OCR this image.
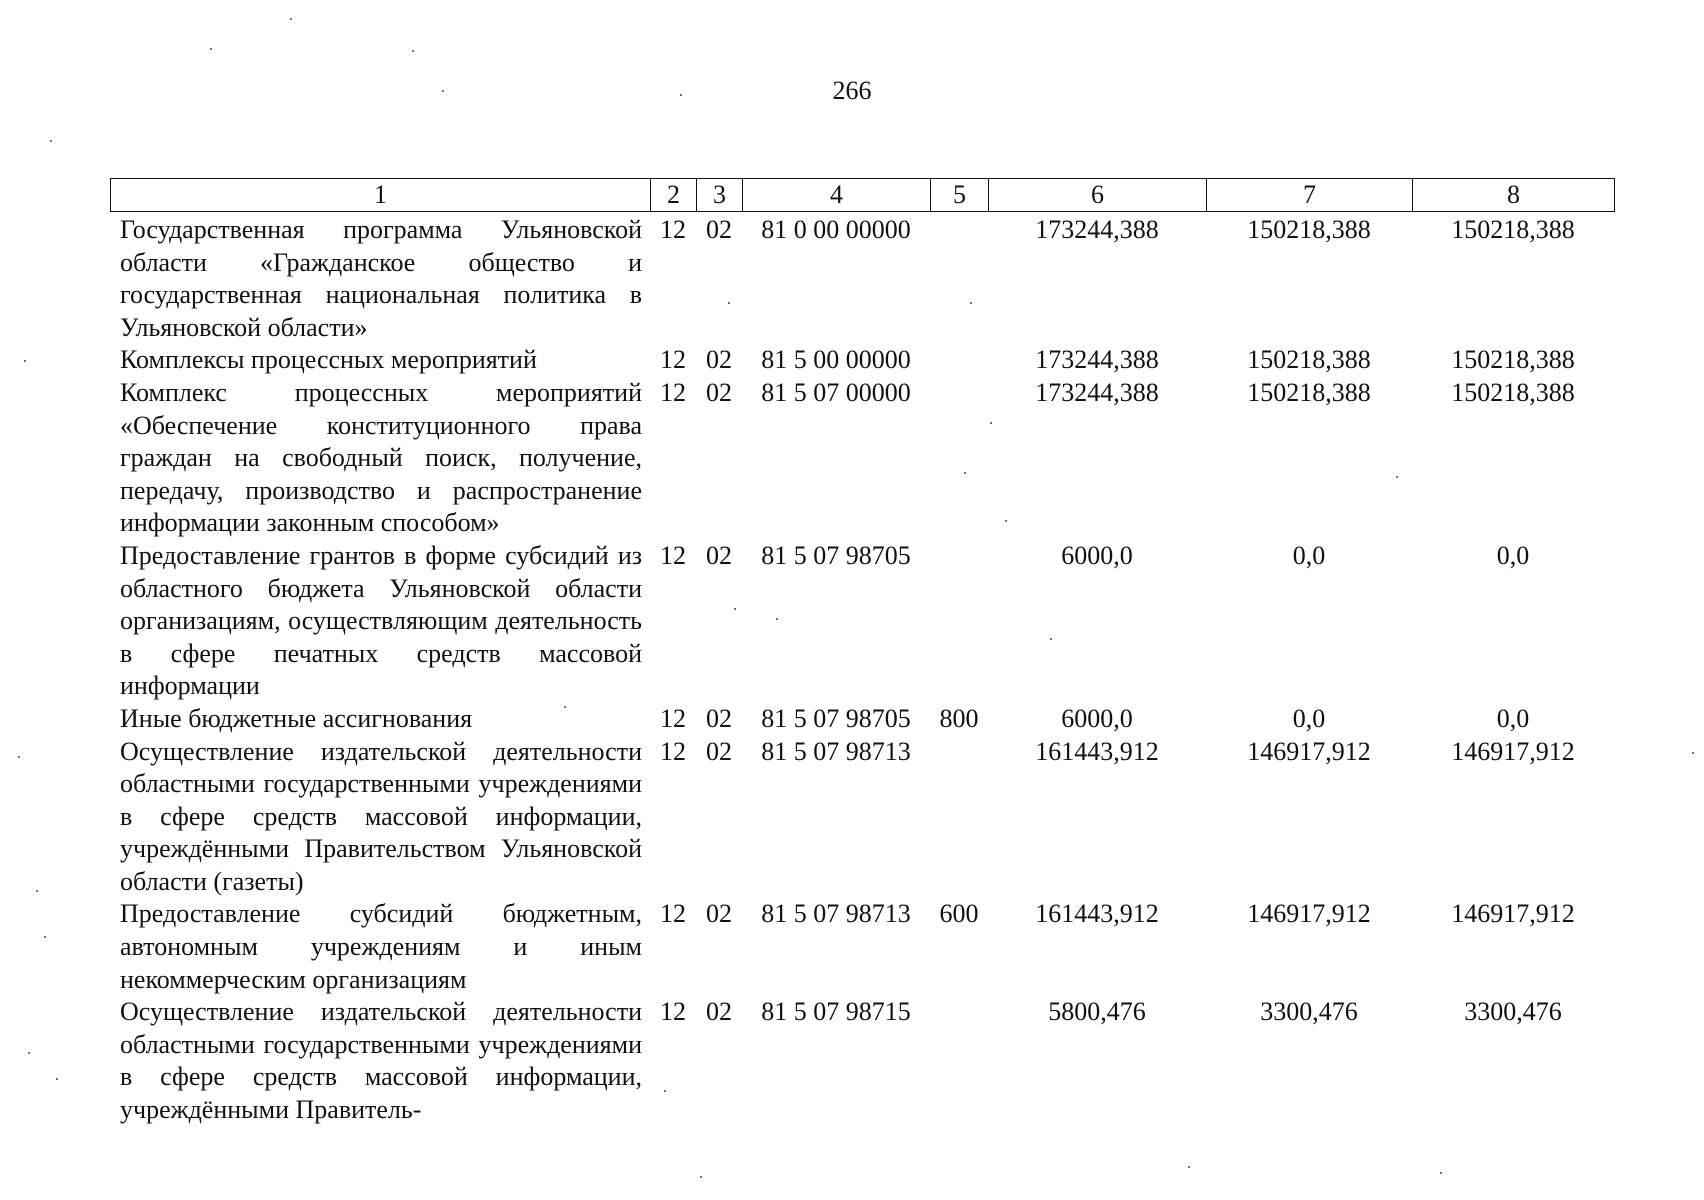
266
1	2	3	4	5	6	7	8
Государственная программа Ульяновской области «Гражданское общество и государственная национальная политика в Ульяновской области»	12	02	81 0 00 00000		173244,388	150218,388	150218,388
Комплексы процессных мероприятий	12	02	81 5 00 00000		173244,388	150218,388	150218,388
Комплекс процессных мероприятий «Обеспечение конституционного права граждан на свободный поиск, получение, передачу, производство и распространение информации законным способом»	12	02	81 5 07 00000		173244,388	150218,388	150218,388
Предоставление грантов в форме субсидий из областного бюджета Ульяновской области организациям, осуществляющим деятельность в сфере печатных средств массовой информации	12	02	81 5 07 98705		6000,0	0,0	0,0
Иные бюджетные ассигнования	12	02	81 5 07 98705	800	6000,0	0,0	0,0
Осуществление издательской деятельности областными государственными учреждениями в сфере средств массовой информации, учреждёнными Правительством Ульяновской области (газеты)	12	02	81 5 07 98713		161443,912	146917,912	146917,912
Предоставление субсидий бюджетным, автономным учреждениям и иным некоммерческим организациям	12	02	81 5 07 98713	600	161443,912	146917,912	146917,912
Осуществление издательской деятельности областными государственными учреждениями в сфере средств массовой информации, учреждёнными Правитель-	12	02	81 5 07 98715		5800,476	3300,476	3300,476
